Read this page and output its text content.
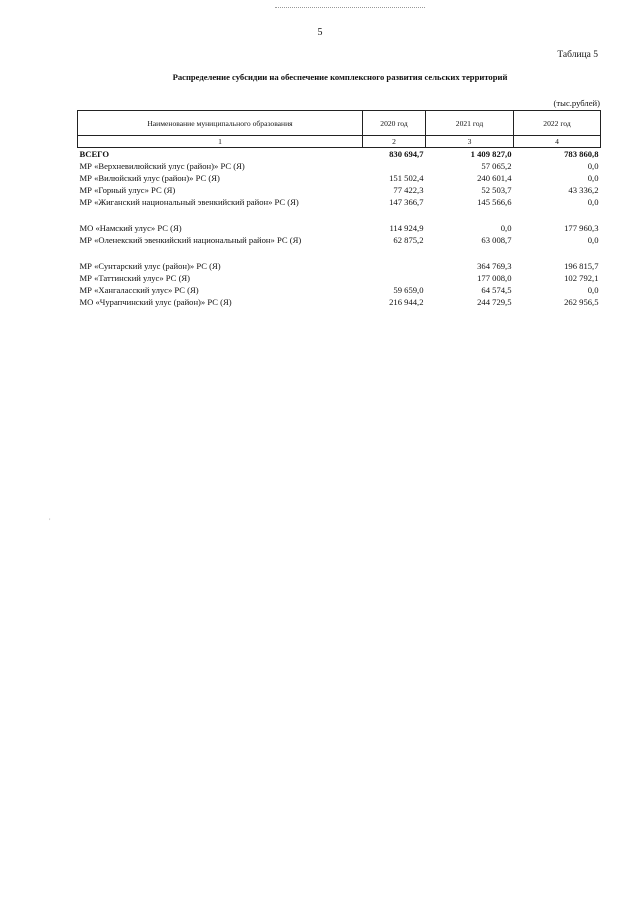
5
Таблица 5
Распределение субсидии на обеспечение комплексного развития сельских территорий
(тыс.рублей)
,
Наименование муниципального образования	2020 год	2021 год	2022 год
1	2	3	4
ВСЕГО	830 694,7	1 409 827,0	783 860,8
МР «Верхневилюйский улус (район)» РС (Я)		57 065,2	0,0
МР «Вилюйский улус (район)» РС (Я)	151 502,4	240 601,4	0,0
МР «Горный улус» РС (Я)	77 422,3	52 503,7	43 336,2
МР «Жиганский национальный эвенкийский район» РС (Я)	147 366,7	145 566,6	0,0

МО «Намский улус» РС (Я)	114 924,9	0,0	177 960,3
МР «Оленекский эвенкийский национальный район» РС (Я)	62 875,2	63 008,7	0,0

МР «Сунтарский улус (район)» РС (Я)		364 769,3	196 815,7
МР «Таттинский улус» РС (Я)		177 008,0	102 792,1
МР «Хангаласский улус» РС (Я)	59 659,0	64 574,5	0,0
МО «Чурапчинский улус (район)» РС (Я)	216 944,2	244 729,5	262 956,5
